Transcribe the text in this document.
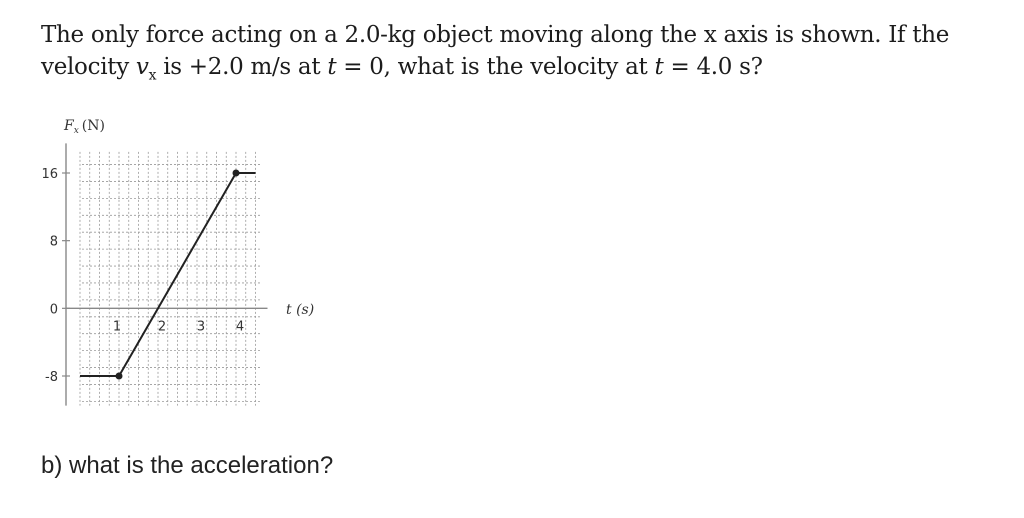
The only force acting on a 2.0-kg object moving along the x axis is shown. If the
velocity $v_x$ is +2.0 m/s at t = 0, what is the velocity at t = 4.0 s?
$F_x$ (N)
16
8
0
-8
1	2 3 4
t (s)
b) what is the acceleration?
